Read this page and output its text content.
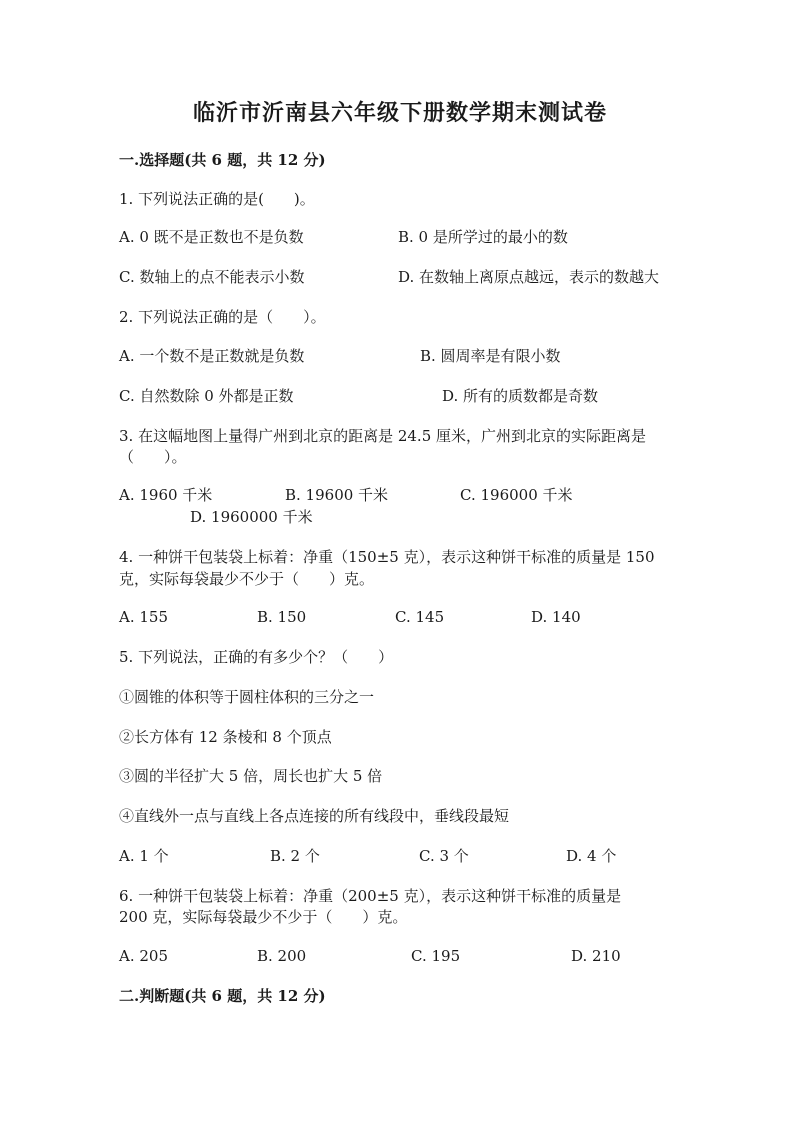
临沂市沂南县六年级下册数学期末测试卷
一.选择题(共 6 题，共 12 分)
1. 下列说法正确的是(　　)。
A. 0 既不是正数也不是负数	B. 0 是所学过的最小的数
C. 数轴上的点不能表示小数	D. 在数轴上离原点越远，表示的数越大
2. 下列说法正确的是（　　）。
A. 一个数不是正数就是负数	B. 圆周率是有限小数
C. 自然数除 0 外都是正数	D. 所有的质数都是奇数
3. 在这幅地图上量得广州到北京的距离是 24.5 厘米，广州到北京的实际距离是
（　　）。
A. 1960 千米	B. 19600 千米	C. 196000 千米
D. 1960000 千米
4. 一种饼干包装袋上标着：净重（150±5 克），表示这种饼干标准的质量是 150
克，实际每袋最少不少于（　　）克。
A. 155	B. 150	C. 145	D. 140
5. 下列说法，正确的有多少个？（　　）
①圆锥的体积等于圆柱体积的三分之一
②长方体有 12 条棱和 8 个顶点
③圆的半径扩大 5 倍，周长也扩大 5 倍
④直线外一点与直线上各点连接的所有线段中，垂线段最短
A. 1 个	B. 2 个	C. 3 个	D. 4 个
6. 一种饼干包装袋上标着：净重（200±5 克），表示这种饼干标准的质量是
200 克，实际每袋最少不少于（　　）克。
A. 205	B. 200	C. 195	D. 210
二.判断题(共 6 题，共 12 分)
